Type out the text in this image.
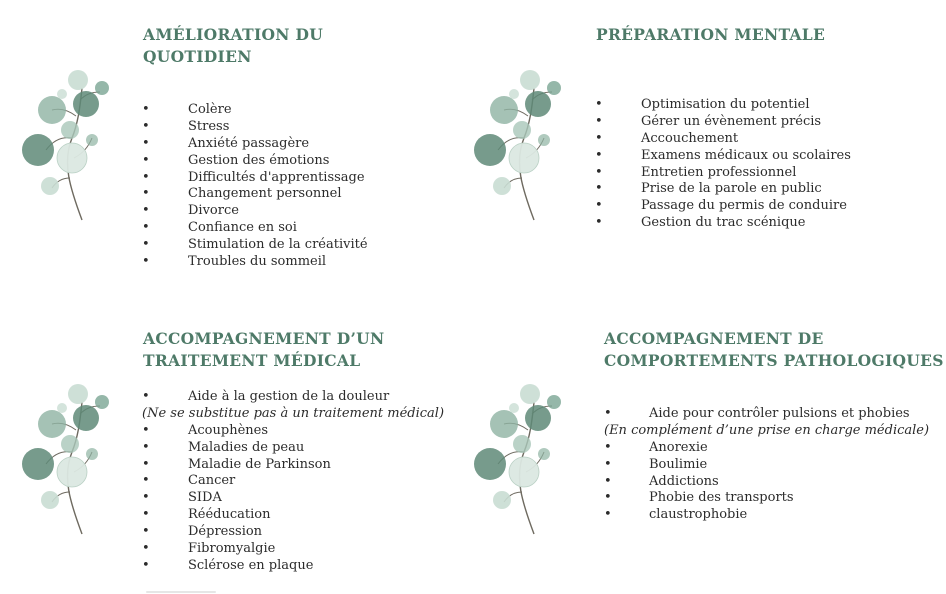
AMÉLIORATION DU
QUOTIDIEN
•	Colère
•	Stress
•	Anxiété passagère
•	Gestion des émotions
•	Difficultés d'apprentissage
•	Changement personnel
•	Divorce
•	Confiance en soi
•	Stimulation de la créativité
•	Troubles du sommeil
PRÉPARATION MENTALE
•	Optimisation du potentiel
•	Gérer un évènement précis
•	Accouchement
•	Examens médicaux ou scolaires
•	Entretien professionnel
•	Prise de la parole en public
•	Passage du permis de conduire
•	Gestion du trac scénique
ACCOMPAGNEMENT D’UN
TRAITEMENT MÉDICAL
•	Aide à la gestion de la douleur
(Ne se substitue pas à un traitement médical)
•	Acouphènes
•	Maladies de peau
•	Maladie de Parkinson
•	Cancer
•	SIDA
•	Rééducation
•	Dépression
•	Fibromyalgie
•	Sclérose en plaque
ACCOMPAGNEMENT DE
COMPORTEMENTS PATHOLOGIQUES
•	Aide pour contrôler pulsions et phobies
(En complément d’une prise en charge médicale)
•	Anorexie
•	Boulimie
•	Addictions
•	Phobie des transports
•	claustrophobie
